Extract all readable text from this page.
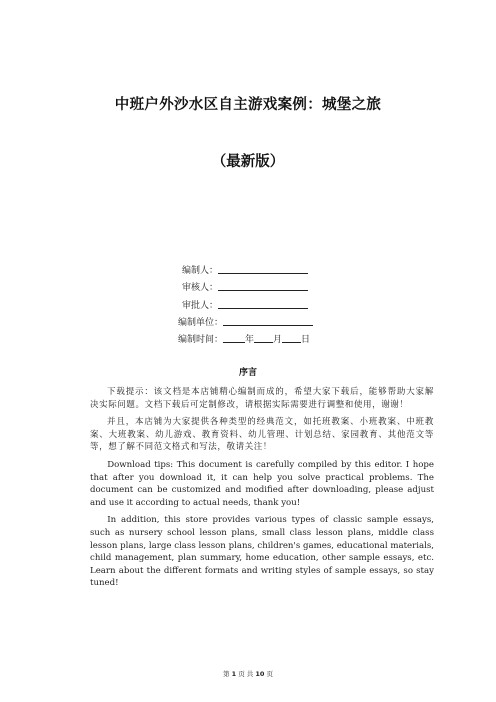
中班户外沙水区自主游戏案例：城堡之旅
（最新版）
编制人：
审核人：
审批人：
编制单位：
编制时间： 年 月 日
序言

下载提示：该文档是本店铺精心编制而成的，希望大家下载后，能够帮助大家解决实际问题。文档下载后可定制修改，请根据实际需要进行调整和使用，谢谢！

并且，本店铺为大家提供各种类型的经典范文，如托班教案、小班教案、中班教案、大班教案、幼儿游戏、教育资料、幼儿管理、计划总结、家园教育、其他范文等等，想了解不同范文格式和写法，敬请关注！

Download tips: This document is carefully compiled by this editor. I hope that after you download it, it can help you solve practical problems. The document can be customized and modified after downloading, please adjust and use it according to actual needs, thank you!

In addition, this store provides various types of classic sample essays, such as nursery school lesson plans, small class lesson plans, middle class lesson plans, large class lesson plans, children's games, educational materials, child management, plan summary, home education, other sample essays, etc. Learn about the different formats and writing styles of sample essays, so stay tuned!

第 1 页 共 10 页
